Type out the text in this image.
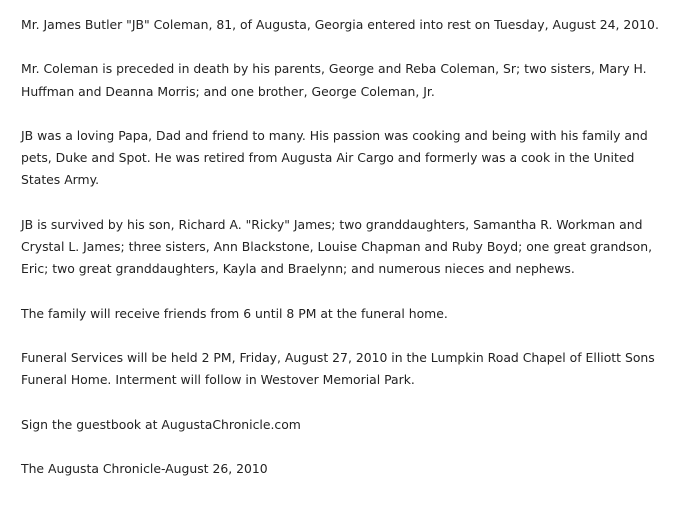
Mr. James Butler "JB" Coleman, 81, of Augusta, Georgia entered into rest on Tuesday, August 24, 2010.

Mr. Coleman is preceded in death by his parents, George and Reba Coleman, Sr; two sisters, Mary H. Huffman and Deanna Morris; and one brother, George Coleman, Jr.

JB was a loving Papa, Dad and friend to many. His passion was cooking and being with his family and pets, Duke and Spot. He was retired from Augusta Air Cargo and formerly was a cook in the United States Army.

JB is survived by his son, Richard A. "Ricky" James; two granddaughters, Samantha R. Workman and Crystal L. James; three sisters, Ann Blackstone, Louise Chapman and Ruby Boyd; one great grandson, Eric; two great granddaughters, Kayla and Braelynn; and numerous nieces and nephews.

The family will receive friends from 6 until 8 PM at the funeral home.

Funeral Services will be held 2 PM, Friday, August 27, 2010 in the Lumpkin Road Chapel of Elliott Sons Funeral Home. Interment will follow in Westover Memorial Park.

Sign the guestbook at AugustaChronicle.com

The Augusta Chronicle-August 26, 2010
